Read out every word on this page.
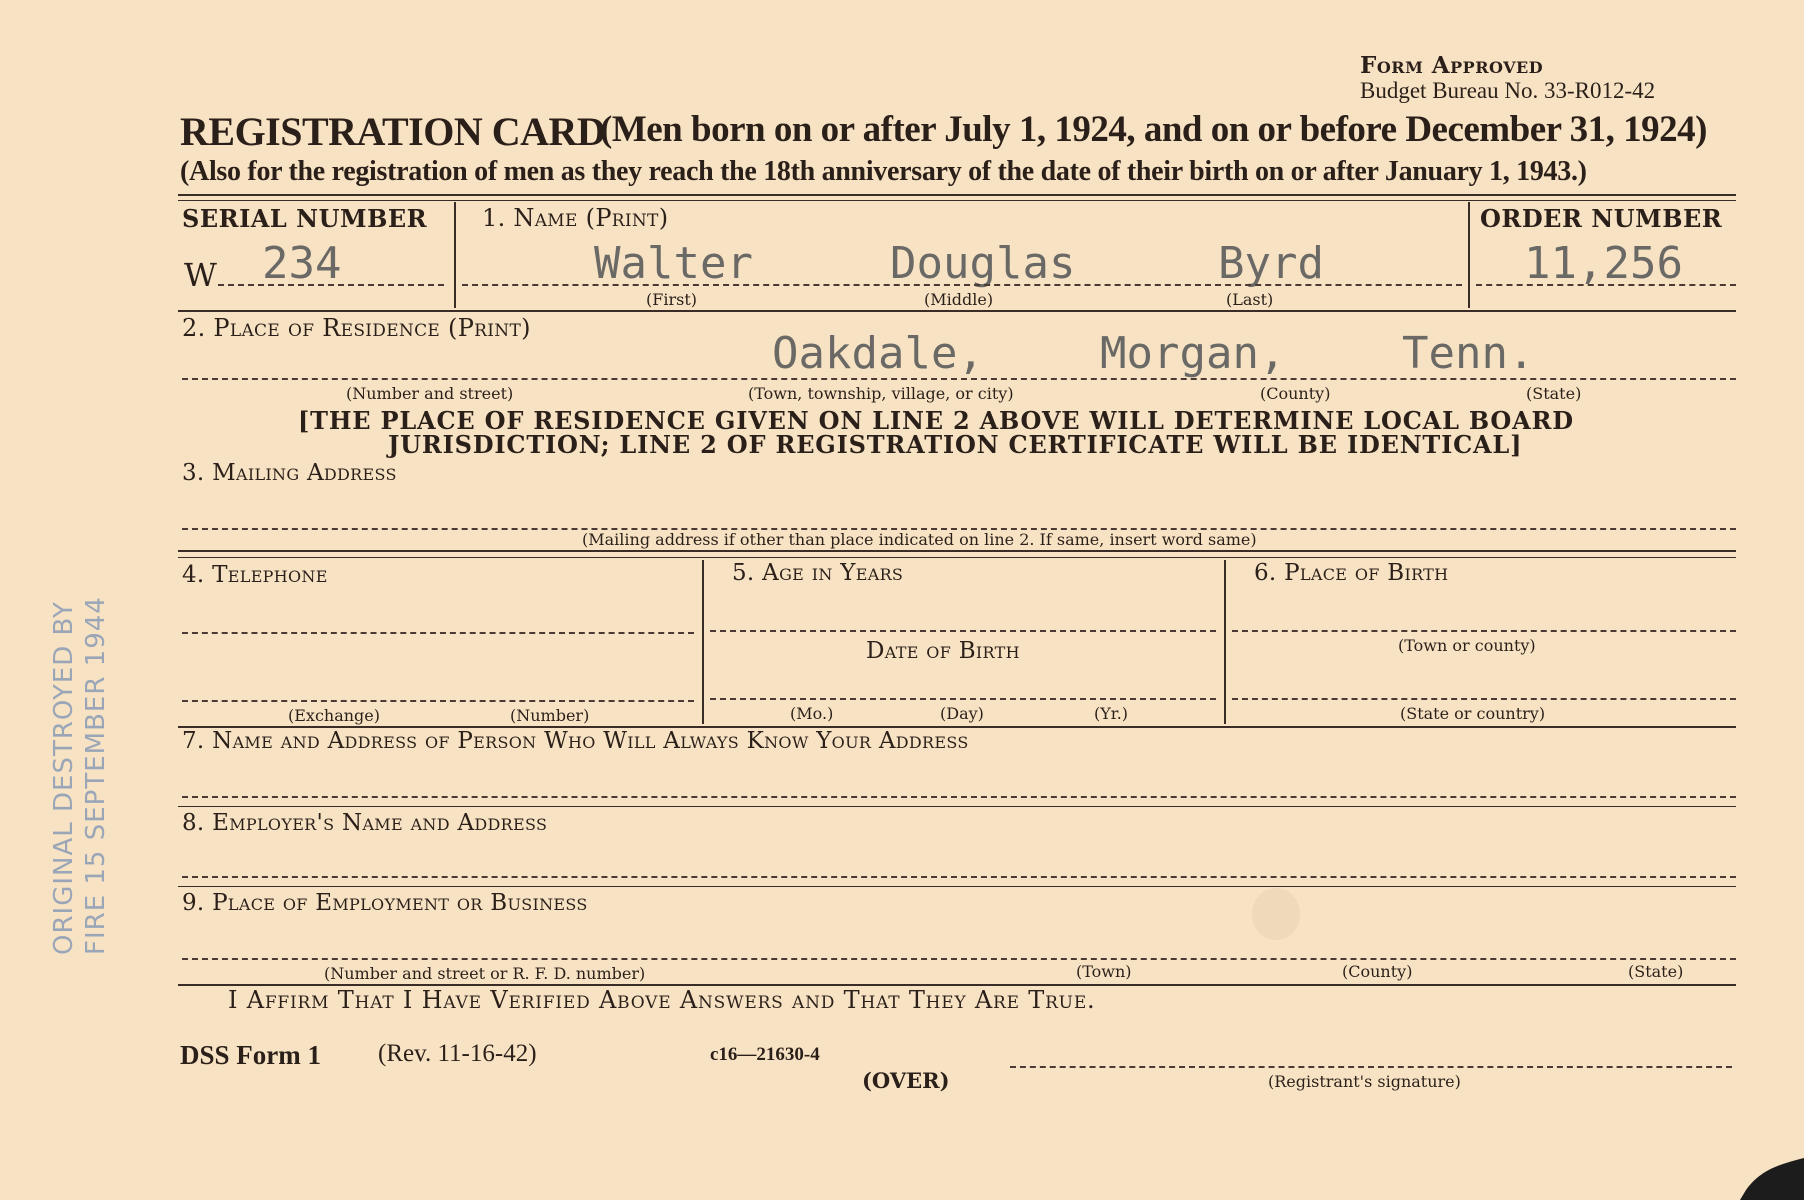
Form Approved
Budget Bureau No. 33-R012-42
REGISTRATION CARD
(Men born on or after July 1, 1924, and on or before December 31, 1924)
(Also for the registration of men as they reach the 18th anniversary of the date of their birth on or after January 1, 1943.)
SERIAL NUMBER
W 234
1. Name (Print)
Walter	Douglas	Byrd
(First)	(Middle)	(Last)
ORDER NUMBER
11,256
2. Place of Residence (Print)	Oakdale,	Morgan,	Tenn.
(Number and street)	(Town, township, village, or city)	(County)	(State)
[THE PLACE OF RESIDENCE GIVEN ON LINE 2 ABOVE WILL DETERMINE LOCAL BOARD
JURISDICTION; LINE 2 OF REGISTRATION CERTIFICATE WILL BE IDENTICAL]
3. Mailing Address
(Mailing address if other than place indicated on line 2. If same, insert word same)
4. Telephone
(Exchange)	(Number)
5. Age in Years
Date of Birth
(Mo.)	(Day)	(Yr.)
6. Place of Birth
(Town or county)
(State or country)
7. Name and Address of Person Who Will Always Know Your Address
8. Employer's Name and Address
9. Place of Employment or Business
(Number and street or R. F. D. number)	(Town)	(County)	(State)
I Affirm That I Have Verified Above Answers and That They Are True.
DSS Form 1 (Rev. 11-16-42)	c16—21630-4
(OVER)	(Registrant's signature)
ORIGINAL DESTROYED BY FIRE 15 SEPTEMBER 1944
